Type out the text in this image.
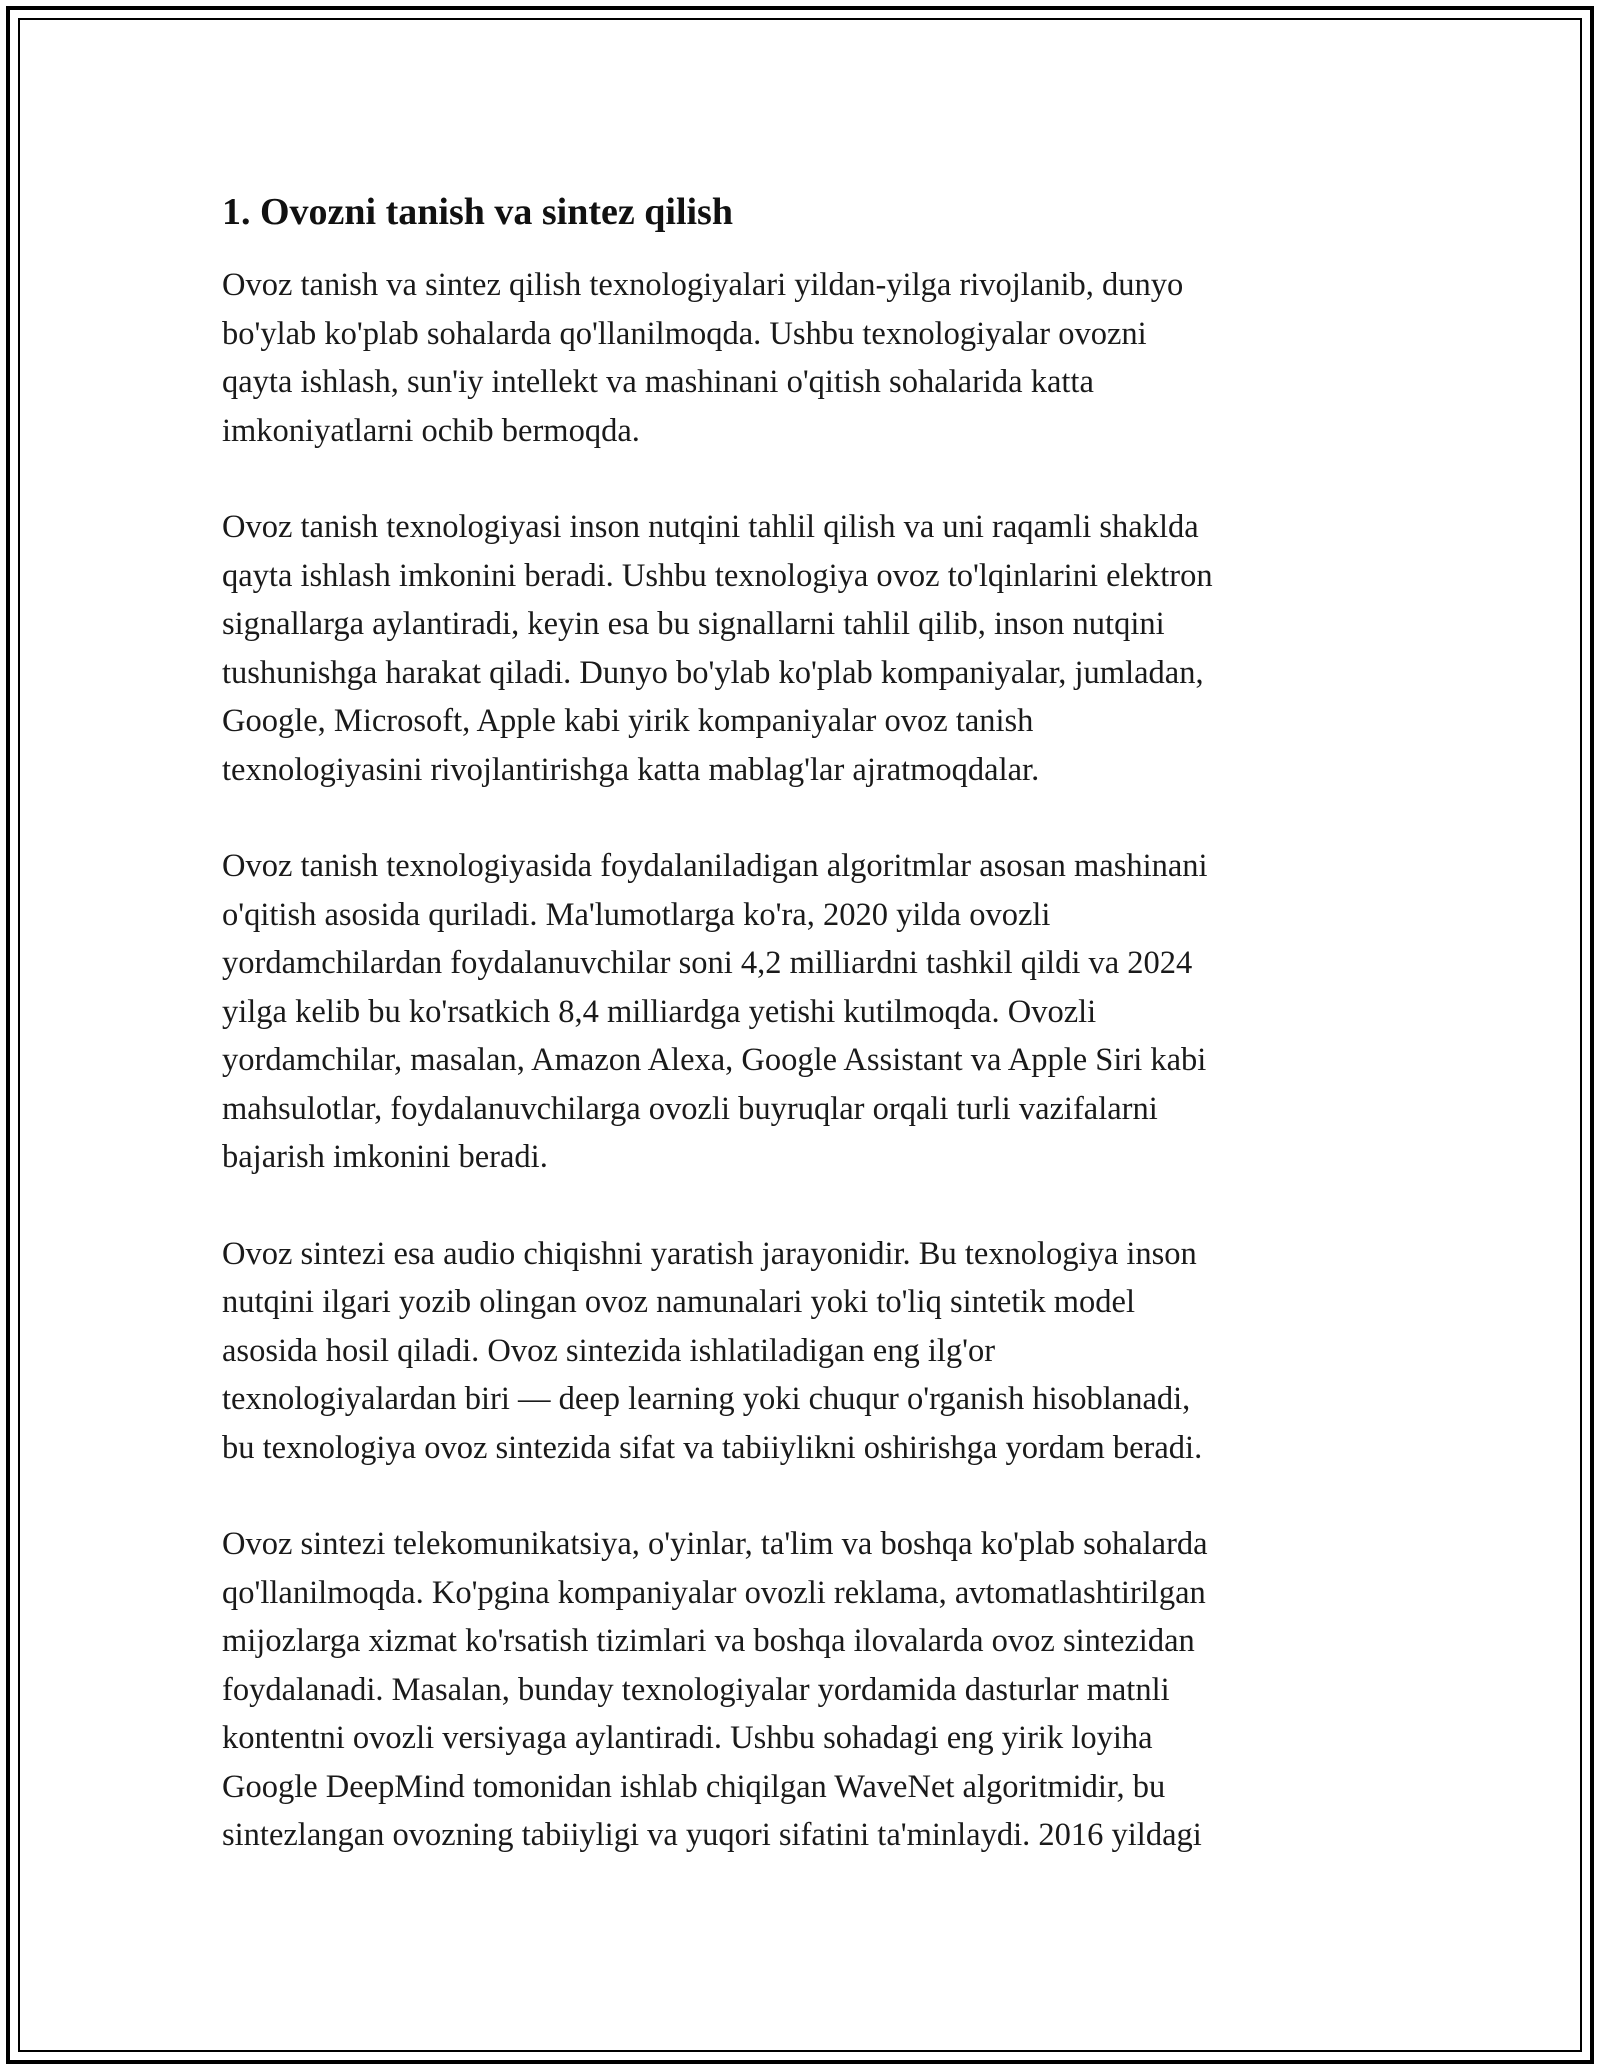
1. Ovozni tanish va sintez qilish

Ovoz tanish va sintez qilish texnologiyalari yildan-yilga rivojlanib, dunyo
bo'ylab ko'plab sohalarda qo'llanilmoqda. Ushbu texnologiyalar ovozni
qayta ishlash, sun'iy intellekt va mashinani o'qitish sohalarida katta
imkoniyatlarni ochib bermoqda.

Ovoz tanish texnologiyasi inson nutqini tahlil qilish va uni raqamli shaklda
qayta ishlash imkonini beradi. Ushbu texnologiya ovoz to'lqinlarini elektron
signallarga aylantiradi, keyin esa bu signallarni tahlil qilib, inson nutqini
tushunishga harakat qiladi. Dunyo bo'ylab ko'plab kompaniyalar, jumladan,
Google, Microsoft, Apple kabi yirik kompaniyalar ovoz tanish
texnologiyasini rivojlantirishga katta mablag'lar ajratmoqdalar.

Ovoz tanish texnologiyasida foydalaniladigan algoritmlar asosan mashinani
o'qitish asosida quriladi. Ma'lumotlarga ko'ra, 2020 yilda ovozli
yordamchilardan foydalanuvchilar soni 4,2 milliardni tashkil qildi va 2024
yilga kelib bu ko'rsatkich 8,4 milliardga yetishi kutilmoqda. Ovozli
yordamchilar, masalan, Amazon Alexa, Google Assistant va Apple Siri kabi
mahsulotlar, foydalanuvchilarga ovozli buyruqlar orqali turli vazifalarni
bajarish imkonini beradi.

Ovoz sintezi esa audio chiqishni yaratish jarayonidir. Bu texnologiya inson
nutqini ilgari yozib olingan ovoz namunalari yoki to'liq sintetik model
asosida hosil qiladi. Ovoz sintezida ishlatiladigan eng ilg'or
texnologiyalardan biri — deep learning yoki chuqur o'rganish hisoblanadi,
bu texnologiya ovoz sintezida sifat va tabiiylikni oshirishga yordam beradi.

Ovoz sintezi telekomunikatsiya, o'yinlar, ta'lim va boshqa ko'plab sohalarda
qo'llanilmoqda. Ko'pgina kompaniyalar ovozli reklama, avtomatlashtirilgan
mijozlarga xizmat ko'rsatish tizimlari va boshqa ilovalarda ovoz sintezidan
foydalanadi. Masalan, bunday texnologiyalar yordamida dasturlar matnli
kontentni ovozli versiyaga aylantiradi. Ushbu sohadagi eng yirik loyiha
Google DeepMind tomonidan ishlab chiqilgan WaveNet algoritmidir, bu
sintezlangan ovozning tabiiyligi va yuqori sifatini ta'minlaydi. 2016 yildagi
